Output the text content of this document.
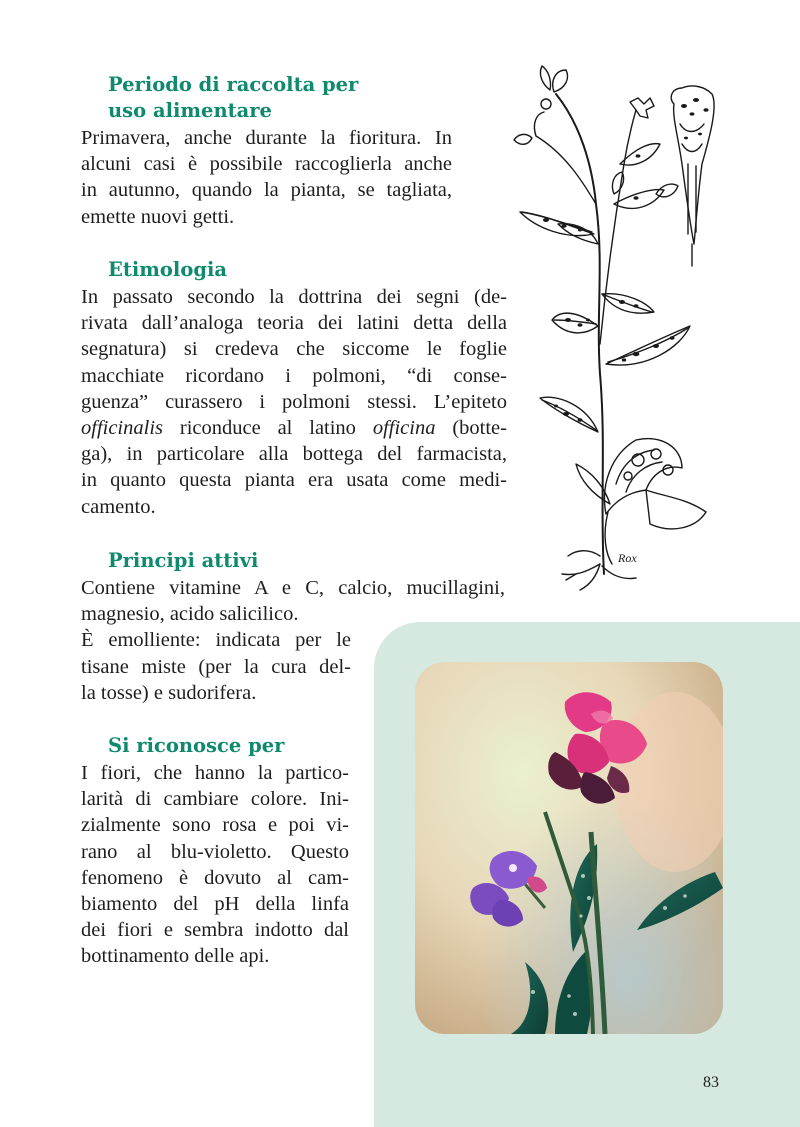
Periodo di raccolta per
uso alimentare

Primavera, anche durante la fioritura. In
alcuni casi è possibile raccoglierla anche
in autunno, quando la pianta, se tagliata,
emette nuovi getti.

Etimologia

In passato secondo la dottrina dei segni (de-
rivata dall’analoga teoria dei latini detta della
segnatura) si credeva che siccome le foglie
macchiate ricordano i polmoni, “di conse-
guenza” curassero i polmoni stessi. L’epiteto
officinalis riconduce al latino officina (botte-
ga), in particolare alla bottega del farmacista,
in quanto questa pianta era usata come medi-
camento.

Principi attivi

Contiene vitamine A e C, calcio, mucillagini,
magnesio, acido salicilico.
È emolliente: indicata per le
tisane miste (per la cura del-
la tosse) e sudorifera.

Si riconosce per

I fiori, che hanno la partico-
larità di cambiare colore. Ini-
zialmente sono rosa e poi vi-
rano al blu-violetto. Questo
fenomeno è dovuto al cam-
biamento del pH della linfa
dei fiori e sembra indotto dal
bottinamento delle api.

Rox
83
